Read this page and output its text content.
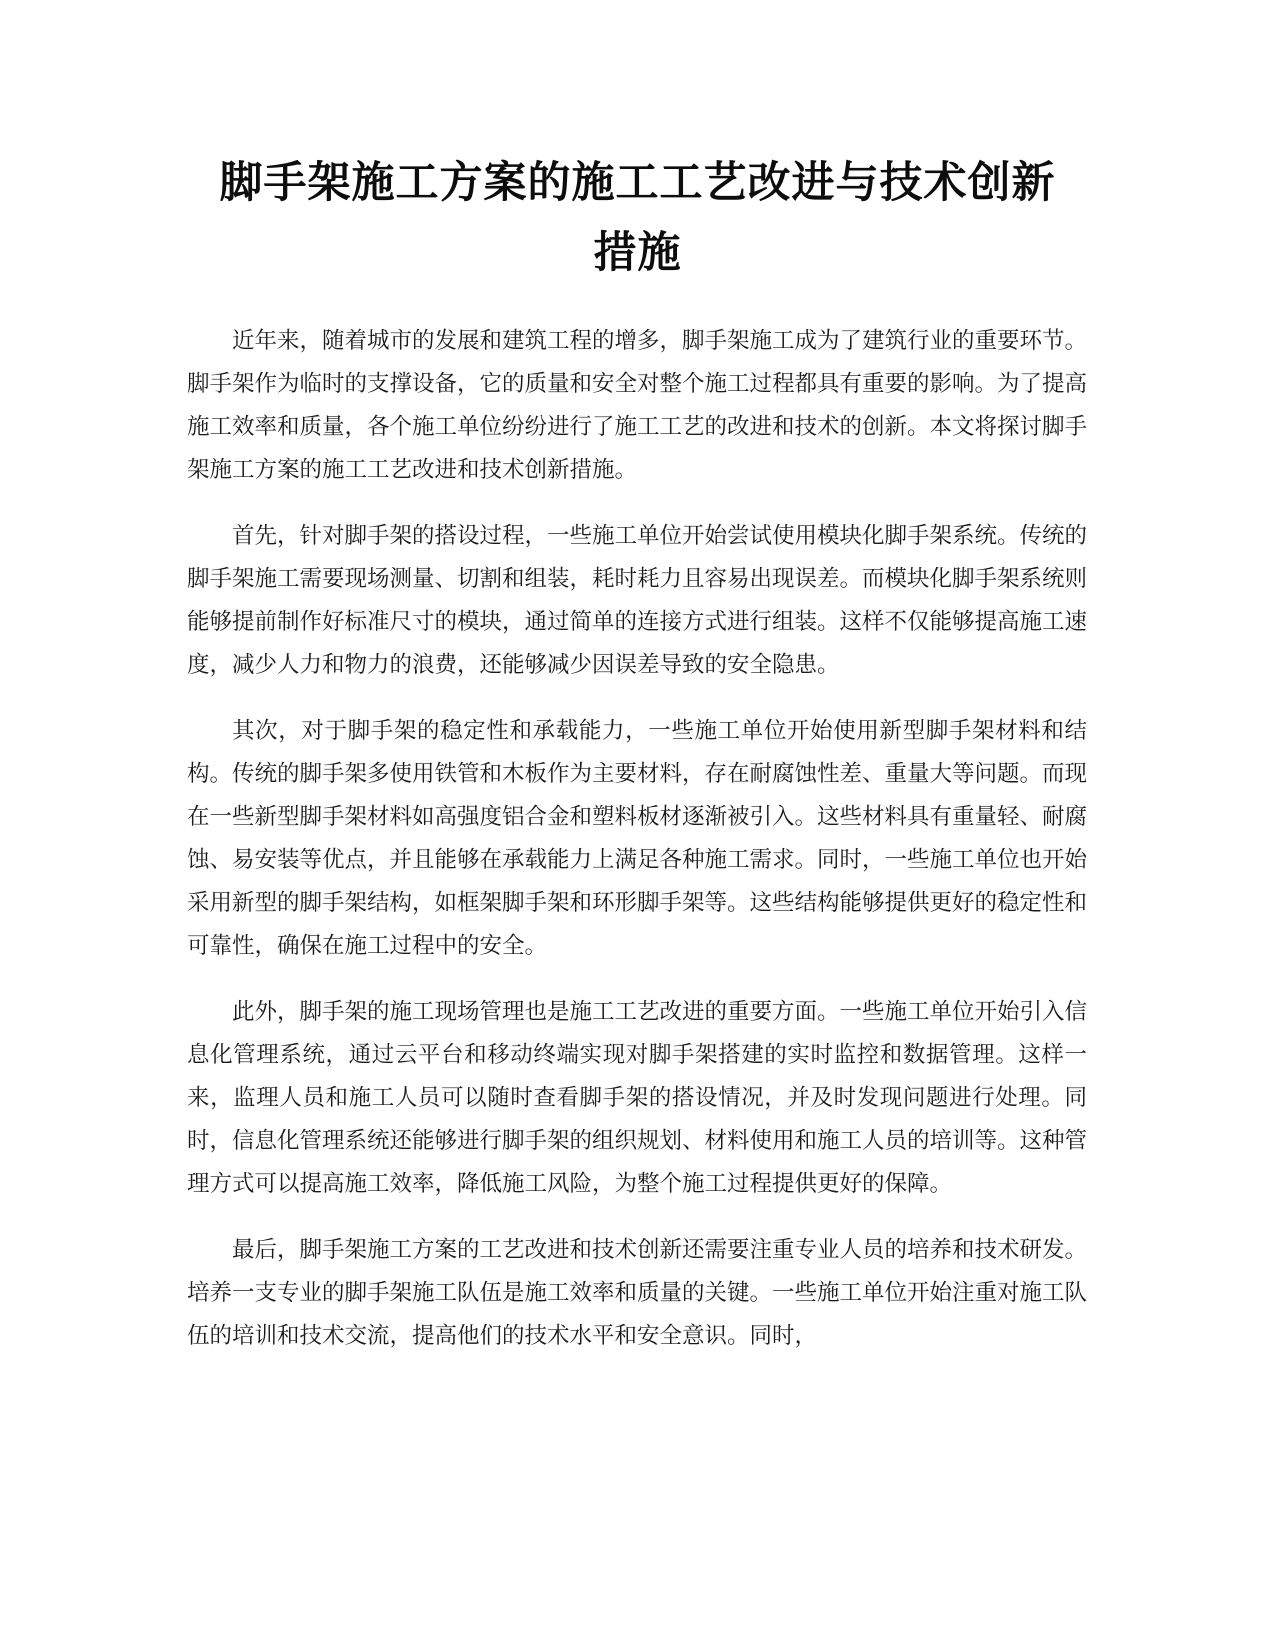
脚手架施工方案的施工工艺改进与技术创新
措施

近年来，随着城市的发展和建筑工程的增多，脚手架施工成为了建筑行业的重要环节。脚手架作为临时的支撑设备，它的质量和安全对整个施工过程都具有重要的影响。为了提高施工效率和质量，各个施工单位纷纷进行了施工工艺的改进和技术的创新。本文将探讨脚手架施工方案的施工工艺改进和技术创新措施。

首先，针对脚手架的搭设过程，一些施工单位开始尝试使用模块化脚手架系统。传统的脚手架施工需要现场测量、切割和组装，耗时耗力且容易出现误差。而模块化脚手架系统则能够提前制作好标准尺寸的模块，通过简单的连接方式进行组装。这样不仅能够提高施工速度，减少人力和物力的浪费，还能够减少因误差导致的安全隐患。

其次，对于脚手架的稳定性和承载能力，一些施工单位开始使用新型脚手架材料和结构。传统的脚手架多使用铁管和木板作为主要材料，存在耐腐蚀性差、重量大等问题。而现在一些新型脚手架材料如高强度铝合金和塑料板材逐渐被引入。这些材料具有重量轻、耐腐蚀、易安装等优点，并且能够在承载能力上满足各种施工需求。同时，一些施工单位也开始采用新型的脚手架结构，如框架脚手架和环形脚手架等。这些结构能够提供更好的稳定性和可靠性，确保在施工过程中的安全。

此外，脚手架的施工现场管理也是施工工艺改进的重要方面。一些施工单位开始引入信息化管理系统，通过云平台和移动终端实现对脚手架搭建的实时监控和数据管理。这样一来，监理人员和施工人员可以随时查看脚手架的搭设情况，并及时发现问题进行处理。同时，信息化管理系统还能够进行脚手架的组织规划、材料使用和施工人员的培训等。这种管理方式可以提高施工效率，降低施工风险，为整个施工过程提供更好的保障。

最后，脚手架施工方案的工艺改进和技术创新还需要注重专业人员的培养和技术研发。培养一支专业的脚手架施工队伍是施工效率和质量的关键。一些施工单位开始注重对施工队伍的培训和技术交流，提高他们的技术水平和安全意识。同时，
